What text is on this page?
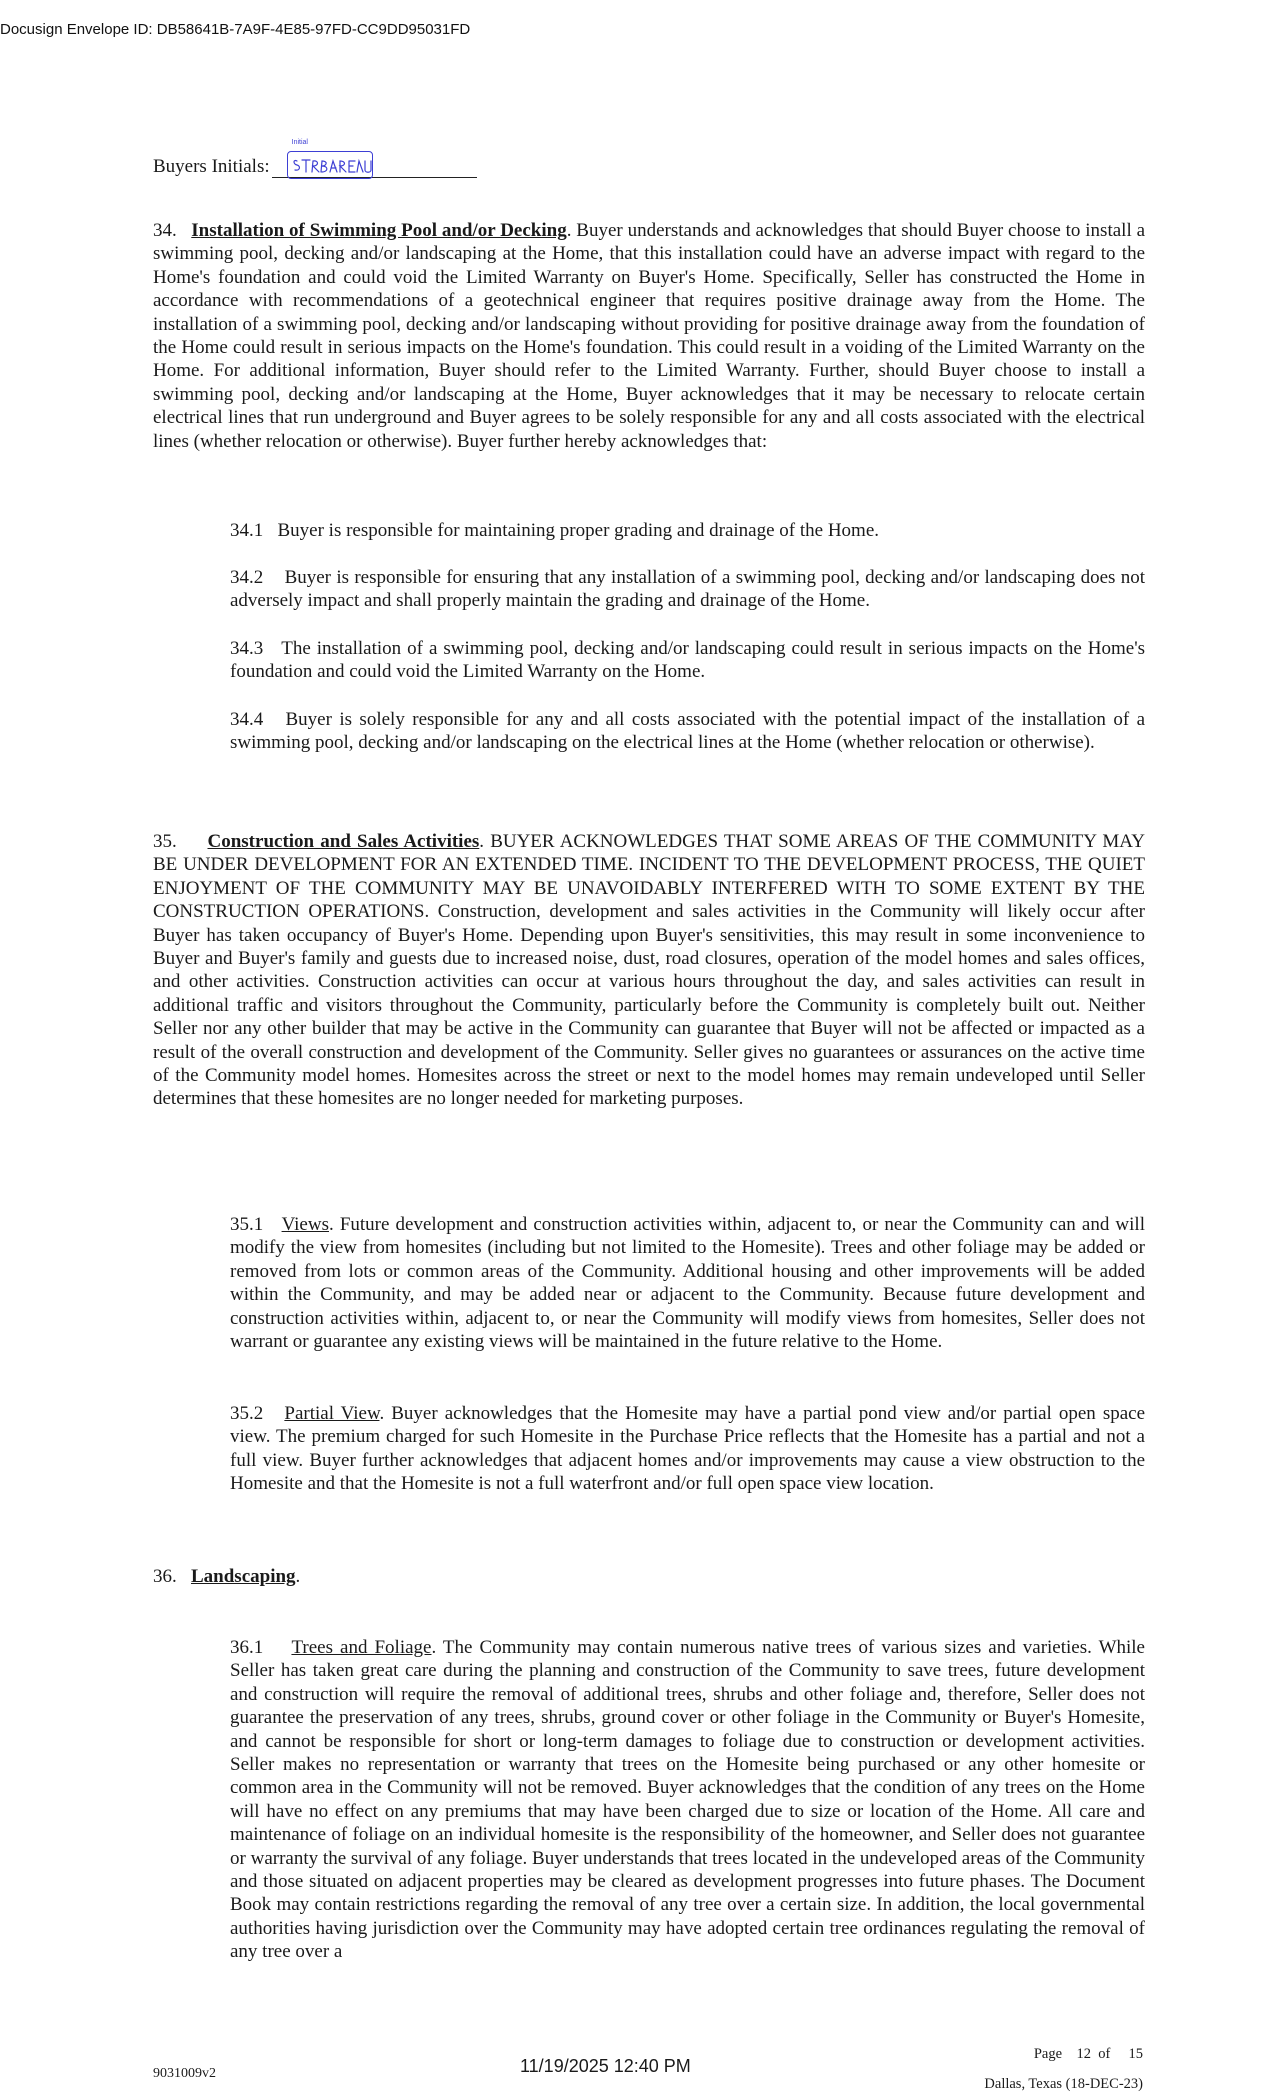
Docusign Envelope ID: DB58641B-7A9F-4E85-97FD-CC9DD95031FD
Buyers Initials:
Initial

34. Installation of Swimming Pool and/or Decking. Buyer understands and acknowledges that should Buyer choose to install a swimming pool, decking and/or landscaping at the Home, that this installation could have an adverse impact with regard to the Home's foundation and could void the Limited Warranty on Buyer's Home. Specifically, Seller has constructed the Home in accordance with recommendations of a geotechnical engineer that requires positive drainage away from the Home. The installation of a swimming pool, decking and/or landscaping without providing for positive drainage away from the foundation of the Home could result in serious impacts on the Home's foundation. This could result in a voiding of the Limited Warranty on the Home. For additional information, Buyer should refer to the Limited Warranty. Further, should Buyer choose to install a swimming pool, decking and/or landscaping at the Home, Buyer acknowledges that it may be necessary to relocate certain electrical lines that run underground and Buyer agrees to be solely responsible for any and all costs associated with the electrical lines (whether relocation or otherwise). Buyer further hereby acknowledges that:

34.1 Buyer is responsible for maintaining proper grading and drainage of the Home.

34.2 Buyer is responsible for ensuring that any installation of a swimming pool, decking and/or landscaping does not adversely impact and shall properly maintain the grading and drainage of the Home.

34.3 The installation of a swimming pool, decking and/or landscaping could result in serious impacts on the Home's foundation and could void the Limited Warranty on the Home.

34.4 Buyer is solely responsible for any and all costs associated with the potential impact of the installation of a swimming pool, decking and/or landscaping on the electrical lines at the Home (whether relocation or otherwise).

35. Construction and Sales Activities. BUYER ACKNOWLEDGES THAT SOME AREAS OF THE COMMUNITY MAY BE UNDER DEVELOPMENT FOR AN EXTENDED TIME. INCIDENT TO THE DEVELOPMENT PROCESS, THE QUIET ENJOYMENT OF THE COMMUNITY MAY BE UNAVOIDABLY INTERFERED WITH TO SOME EXTENT BY THE CONSTRUCTION OPERATIONS. Construction, development and sales activities in the Community will likely occur after Buyer has taken occupancy of Buyer's Home. Depending upon Buyer's sensitivities, this may result in some inconvenience to Buyer and Buyer's family and guests due to increased noise, dust, road closures, operation of the model homes and sales offices, and other activities. Construction activities can occur at various hours throughout the day, and sales activities can result in additional traffic and visitors throughout the Community, particularly before the Community is completely built out. Neither Seller nor any other builder that may be active in the Community can guarantee that Buyer will not be affected or impacted as a result of the overall construction and development of the Community. Seller gives no guarantees or assurances on the active time of the Community model homes. Homesites across the street or next to the model homes may remain undeveloped until Seller determines that these homesites are no longer needed for marketing purposes.

35.1 Views. Future development and construction activities within, adjacent to, or near the Community can and will modify the view from homesites (including but not limited to the Homesite). Trees and other foliage may be added or removed from lots or common areas of the Community. Additional housing and other improvements will be added within the Community, and may be added near or adjacent to the Community. Because future development and construction activities within, adjacent to, or near the Community will modify views from homesites, Seller does not warrant or guarantee any existing views will be maintained in the future relative to the Home.

35.2 Partial View. Buyer acknowledges that the Homesite may have a partial pond view and/or partial open space view. The premium charged for such Homesite in the Purchase Price reflects that the Homesite has a partial and not a full view. Buyer further acknowledges that adjacent homes and/or improvements may cause a view obstruction to the Homesite and that the Homesite is not a full waterfront and/or full open space view location.

36. Landscaping.

36.1 Trees and Foliage. The Community may contain numerous native trees of various sizes and varieties. While Seller has taken great care during the planning and construction of the Community to save trees, future development and construction will require the removal of additional trees, shrubs and other foliage and, therefore, Seller does not guarantee the preservation of any trees, shrubs, ground cover or other foliage in the Community or Buyer's Homesite, and cannot be responsible for short or long-term damages to foliage due to construction or development activities. Seller makes no representation or warranty that trees on the Homesite being purchased or any other homesite or common area in the Community will not be removed. Buyer acknowledges that the condition of any trees on the Home will have no effect on any premiums that may have been charged due to size or location of the Home. All care and maintenance of foliage on an individual homesite is the responsibility of the homeowner, and Seller does not guarantee or warranty the survival of any foliage. Buyer understands that trees located in the undeveloped areas of the Community and those situated on adjacent properties may be cleared as development progresses into future phases. The Document Book may contain restrictions regarding the removal of any tree over a certain size. In addition, the local governmental authorities having jurisdiction over the Community may have adopted certain tree ordinances regulating the removal of any tree over a

9031009v2	11/19/2025 12:40 PM
Page 12 of 15
Dallas, Texas (18-DEC-23)
